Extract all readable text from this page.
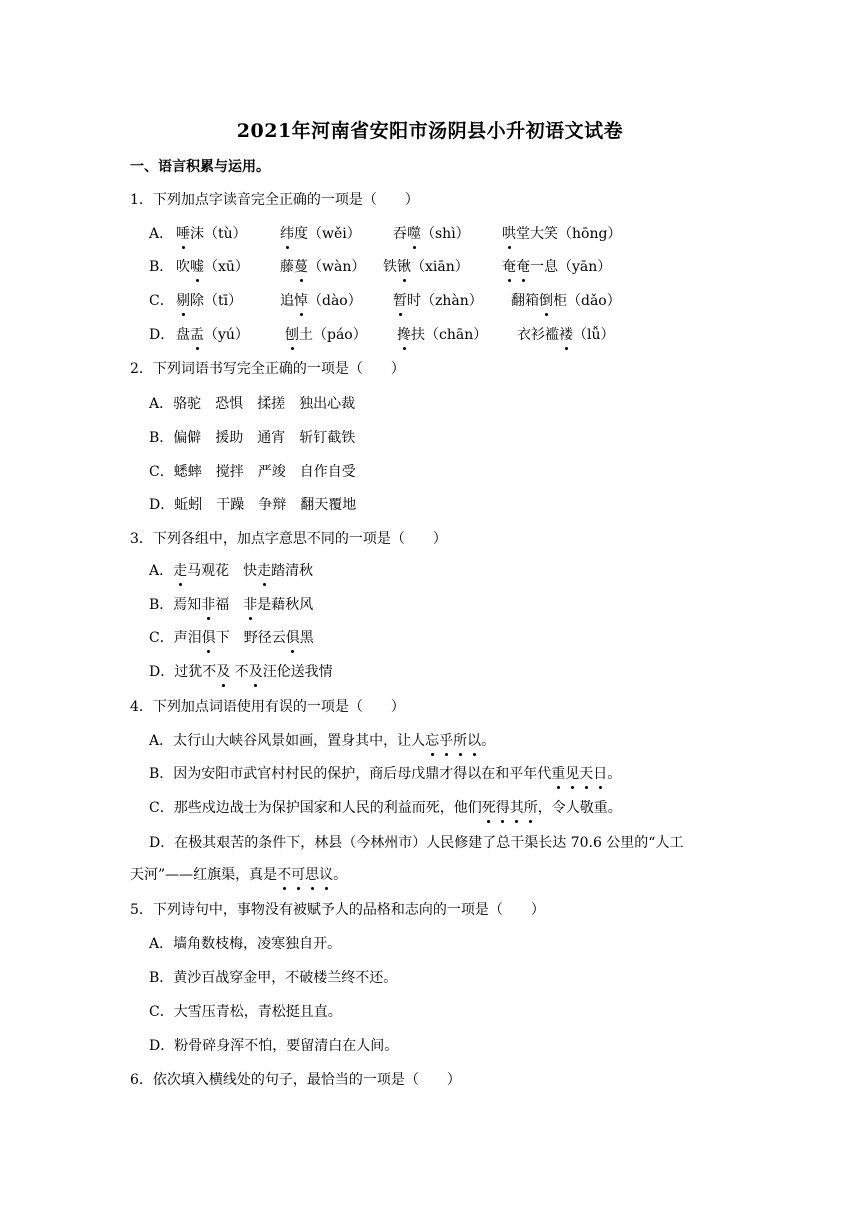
2021年河南省安阳市汤阴县小升初语文试卷
一、语言积累与运用。
1．下列加点字读音完全正确的一项是（　　）
A． 唾沫（tù） 纬度（wěi） 吞噬（shì） 哄堂大笑（hōng）
B． 吹嘘（xū） 藤蔓（wàn） 铁锹（xiān） 奄奄一息（yān）
C． 剔除（tī）	追悼（dào） 暂时（zhàn） 翻箱倒柜（dǎo）
D． 盘盂（yú）	刨土（páo） 搀扶（chān） 衣衫褴褛（lǚ）
2．下列词语书写完全正确的一项是（　　）
A．骆驼　恐惧　揉搓　独出心裁
B．偏僻　援助　通宵　斩钉截铁
C．蟋蟀　搅拌　严竣　自作自受
D．蚯蚓　干躁　争辩　翻天覆地
3．下列各组中，加点字意思不同的一项是（　　）
A．走马观花　快走踏清秋
B．焉知非福　非是藉秋风
C．声泪俱下　野径云俱黑
D．过犹不及 不及汪伦送我情
4．下列加点词语使用有误的一项是（　　）
A．太行山大峡谷风景如画，置身其中，让人忘乎所以。
B．因为安阳市武官村村民的保护，商后母戊鼎才得以在和平年代重见天日。
C．那些戍边战士为保护国家和人民的利益而死，他们死得其所，令人敬重。
D．在极其艰苦的条件下，林县（今林州市）人民修建了总干渠长达 70.6 公里的“人工
天河”——红旗渠，真是不可思议。
5．下列诗句中，事物没有被赋予人的品格和志向的一项是（　　）
A．墙角数枝梅，凌寒独自开。
B．黄沙百战穿金甲，不破楼兰终不还。
C．大雪压青松，青松挺且直。
D．粉骨碎身浑不怕，要留清白在人间。
6．依次填入横线处的句子，最恰当的一项是（　　）
